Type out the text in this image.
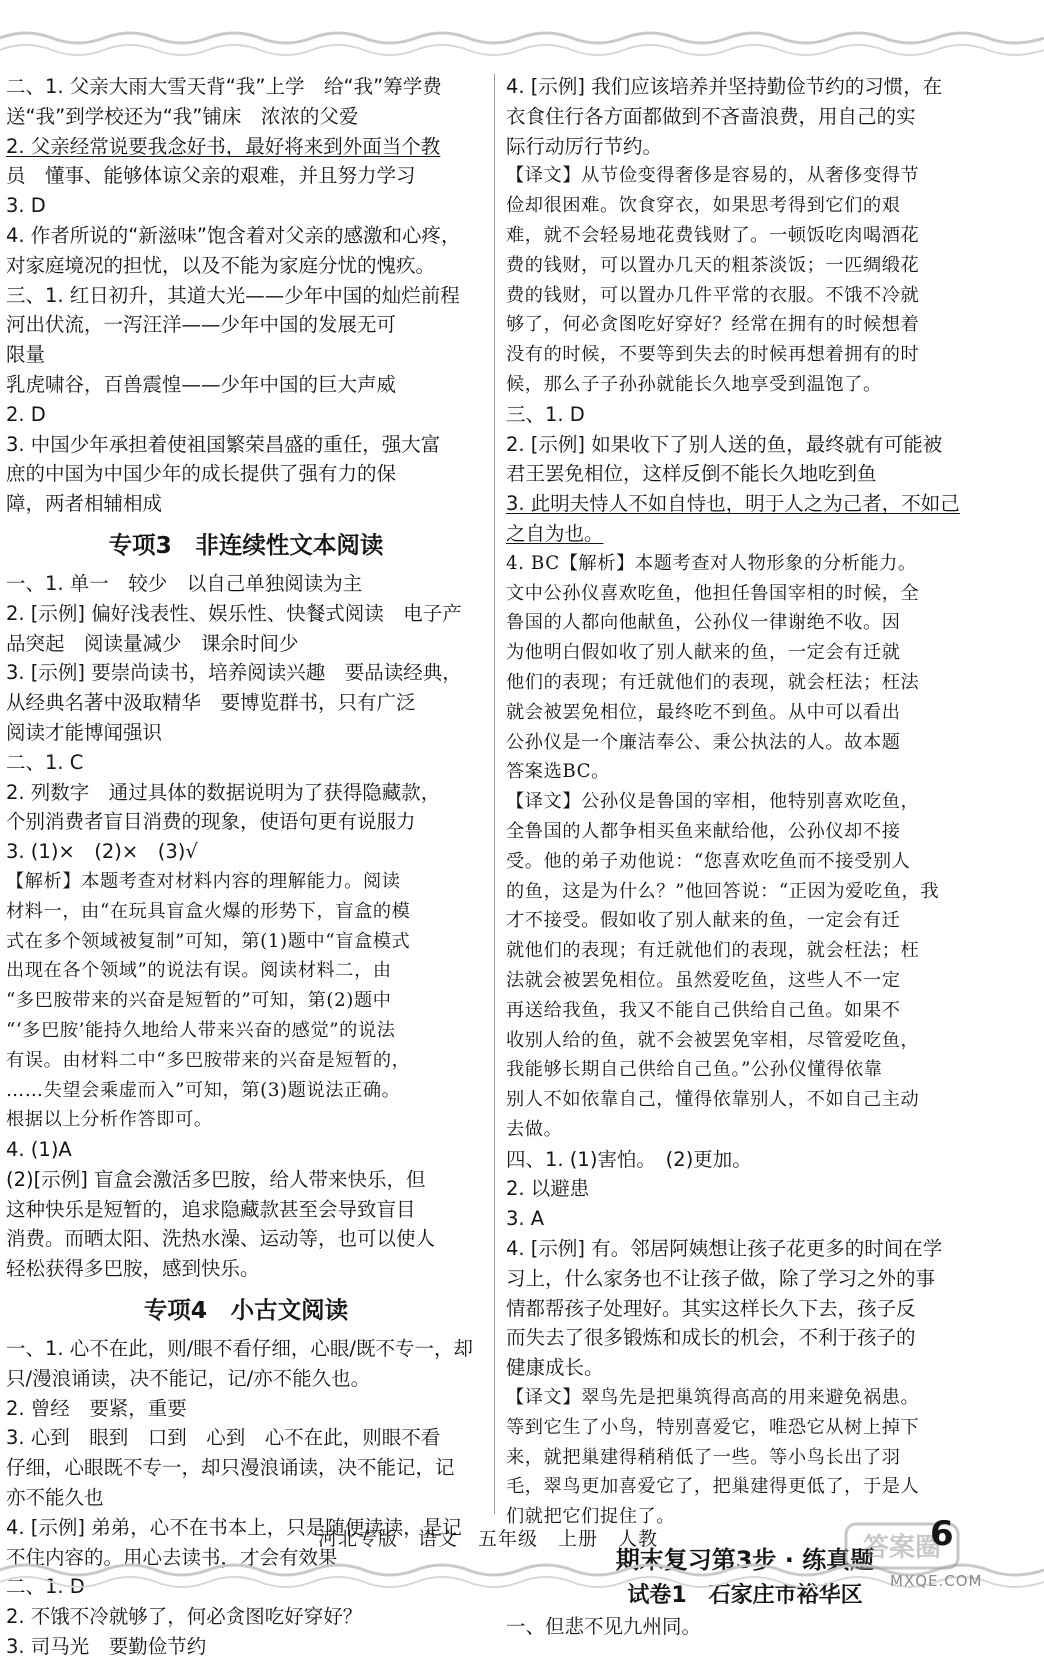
二、1. 父亲大雨大雪天背“我”上学　给“我”筹学费
送“我”到学校还为“我”铺床　浓浓的父爱
2. 父亲经常说要我念好书，最好将来到外面当个教
员　懂事、能够体谅父亲的艰难，并且努力学习
3. D
4. 作者所说的“新滋味”饱含着对父亲的感激和心疼，
对家庭境况的担忧，以及不能为家庭分忧的愧疚。
三、1. 红日初升，其道大光——少年中国的灿烂前程
河出伏流，一泻汪洋——少年中国的发展无可
限量
乳虎啸谷，百兽震惶——少年中国的巨大声威
2. D
3. 中国少年承担着使祖国繁荣昌盛的重任，强大富
庶的中国为中国少年的成长提供了强有力的保
障，两者相辅相成
专项3　非连续性文本阅读
一、1. 单一　较少　以自己单独阅读为主
2. [示例] 偏好浅表性、娱乐性、快餐式阅读　电子产
品突起　阅读量减少　课余时间少
3. [示例] 要崇尚读书，培养阅读兴趣　要品读经典，
从经典名著中汲取精华　要博览群书，只有广泛
阅读才能博闻强识
二、1. C
2. 列数字　通过具体的数据说明为了获得隐藏款，
个别消费者盲目消费的现象，使语句更有说服力
3. (1)×　(2)×　(3)√
【解析】本题考查对材料内容的理解能力。阅读
材料一，由“在玩具盲盒火爆的形势下，盲盒的模
式在多个领域被复制”可知，第(1)题中“盲盒模式
出现在各个领域”的说法有误。阅读材料二，由
“多巴胺带来的兴奋是短暂的”可知，第(2)题中
“‘多巴胺’能持久地给人带来兴奋的感觉”的说法
有误。由材料二中“多巴胺带来的兴奋是短暂的，
……失望会乘虚而入”可知，第(3)题说法正确。
根据以上分析作答即可。
4. (1)A
(2)[示例] 盲盒会激活多巴胺，给人带来快乐，但
这种快乐是短暂的，追求隐藏款甚至会导致盲目
消费。而晒太阳、洗热水澡、运动等，也可以使人
轻松获得多巴胺，感到快乐。
专项4　小古文阅读
一、1. 心不在此，则/眼不看仔细，心眼/既不专一，却
只/漫浪诵读，决不能记，记/亦不能久也。
2. 曾经　要紧，重要
3. 心到　眼到　口到　心到　心不在此，则眼不看
仔细，心眼既不专一，却只漫浪诵读，决不能记，记
亦不能久也
4. [示例] 弟弟，心不在书本上，只是随便读读，是记
不住内容的。用心去读书，才会有效果
二、1. D
2. 不饿不冷就够了，何必贪图吃好穿好？
3. 司马光　要勤俭节约
4. [示例] 我们应该培养并坚持勤俭节约的习惯，在
衣食住行各方面都做到不吝啬浪费，用自己的实
际行动厉行节约。
【译文】从节俭变得奢侈是容易的，从奢侈变得节
俭却很困难。饮食穿衣，如果思考得到它们的艰
难，就不会轻易地花费钱财了。一顿饭吃肉喝酒花
费的钱财，可以置办几天的粗茶淡饭；一匹绸缎花
费的钱财，可以置办几件平常的衣服。不饿不冷就
够了，何必贪图吃好穿好？经常在拥有的时候想着
没有的时候，不要等到失去的时候再想着拥有的时
候，那么子子孙孙就能长久地享受到温饱了。
三、1. D
2. [示例] 如果收下了别人送的鱼，最终就有可能被
君王罢免相位，这样反倒不能长久地吃到鱼
3. 此明夫恃人不如自恃也，明于人之为己者，不如己
之自为也。
4. BC【解析】本题考查对人物形象的分析能力。
文中公孙仪喜欢吃鱼，他担任鲁国宰相的时候，全
鲁国的人都向他献鱼，公孙仪一律谢绝不收。因
为他明白假如收了别人献来的鱼，一定会有迁就
他们的表现；有迁就他们的表现，就会枉法；枉法
就会被罢免相位，最终吃不到鱼。从中可以看出
公孙仪是一个廉洁奉公、秉公执法的人。故本题
答案选BC。
【译文】公孙仪是鲁国的宰相，他特别喜欢吃鱼，
全鲁国的人都争相买鱼来献给他，公孙仪却不接
受。他的弟子劝他说：“您喜欢吃鱼而不接受别人
的鱼，这是为什么？”他回答说：“正因为爱吃鱼，我
才不接受。假如收了别人献来的鱼，一定会有迁
就他们的表现；有迁就他们的表现，就会枉法；枉
法就会被罢免相位。虽然爱吃鱼，这些人不一定
再送给我鱼，我又不能自己供给自己鱼。如果不
收别人给的鱼，就不会被罢免宰相，尽管爱吃鱼，
我能够长期自己供给自己鱼。”公孙仪懂得依靠
别人不如依靠自己，懂得依靠别人，不如自己主动
去做。
四、1. (1)害怕。　(2)更加。
2. 以避患
3. A
4. [示例] 有。邻居阿姨想让孩子花更多的时间在学
习上，什么家务也不让孩子做，除了学习之外的事
情都帮孩子处理好。其实这样长久下去，孩子反
而失去了很多锻炼和成长的机会，不利于孩子的
健康成长。
【译文】翠鸟先是把巢筑得高高的用来避免祸患。
等到它生了小鸟，特别喜爱它，唯恐它从树上掉下
来，就把巢建得稍稍低了一些。等小鸟长出了羽
毛，翠鸟更加喜爱它了，把巢建得更低了，于是人
们就把它们捉住了。
期末复习第3步 · 练真题
试卷1　石家庄市裕华区
一、但悲不见九州同。
河北专版　语文　五年级　上册　人教	答案圈
6
MXQE.COM
